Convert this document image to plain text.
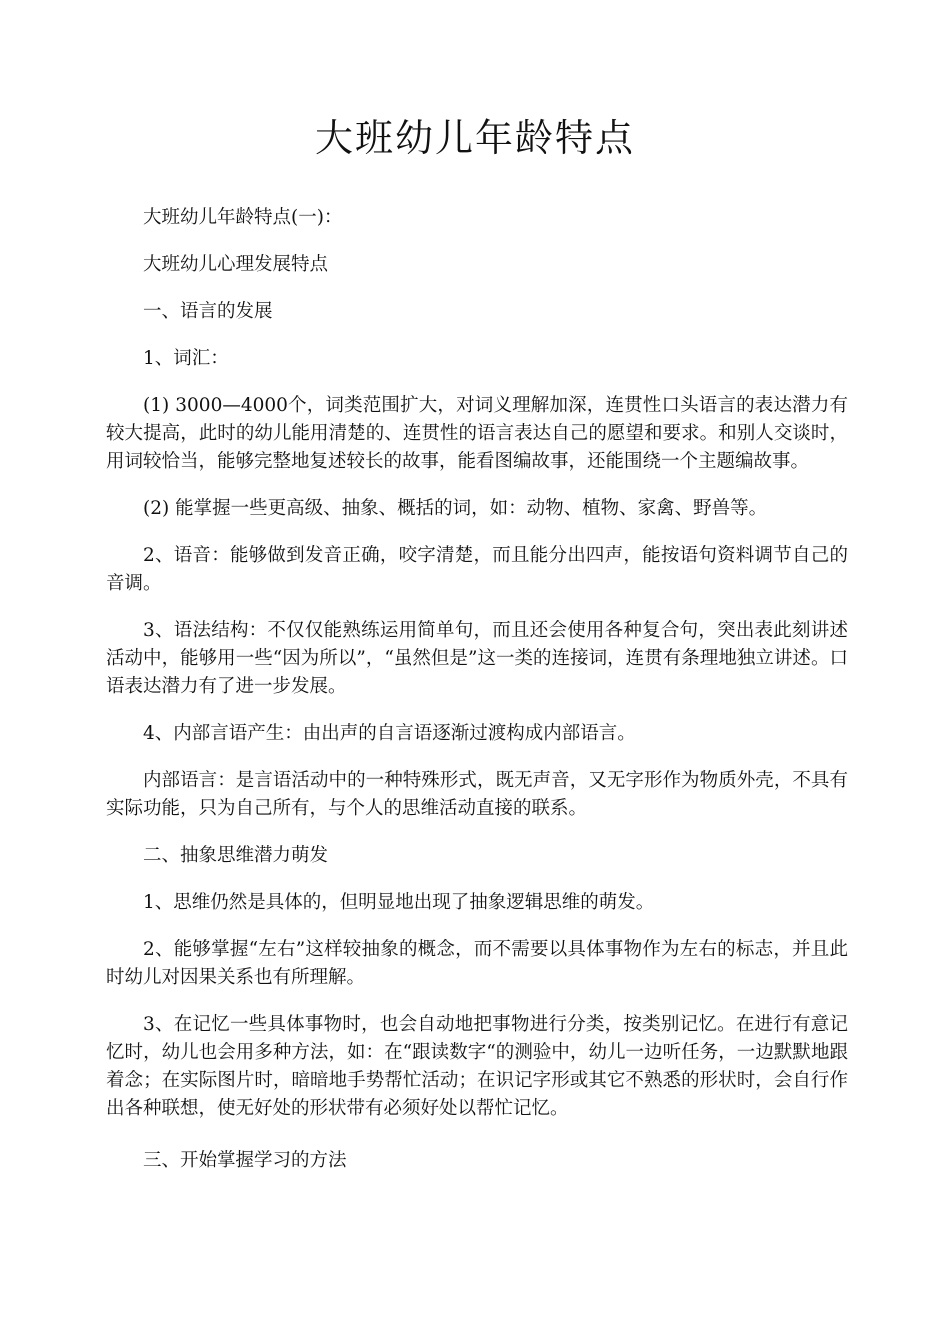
大班幼儿年龄特点

大班幼儿年龄特点(一)：

大班幼儿心理发展特点

一、语言的发展

1、词汇：

(1) 3000—4000个，词类范围扩大，对词义理解加深，连贯性口头语言的表达潜力有较大提高，此时的幼儿能用清楚的、连贯性的语言表达自己的愿望和要求。和别人交谈时，用词较恰当，能够完整地复述较长的故事，能看图编故事，还能围绕一个主题编故事。

(2) 能掌握一些更高级、抽象、概括的词，如：动物、植物、家禽、野兽等。

2、语音：能够做到发音正确，咬字清楚，而且能分出四声，能按语句资料调节自己的音调。

3、语法结构：不仅仅能熟练运用简单句，而且还会使用各种复合句，突出表此刻讲述活动中，能够用一些“因为所以”，“虽然但是”这一类的连接词，连贯有条理地独立讲述。口语表达潜力有了进一步发展。

4、内部言语产生：由出声的自言语逐渐过渡构成内部语言。

内部语言：是言语活动中的一种特殊形式，既无声音，又无字形作为物质外壳，不具有实际功能，只为自己所有，与个人的思维活动直接的联系。

二、抽象思维潜力萌发

1、思维仍然是具体的，但明显地出现了抽象逻辑思维的萌发。

2、能够掌握“左右”这样较抽象的概念，而不需要以具体事物作为左右的标志，并且此时幼儿对因果关系也有所理解。

3、在记忆一些具体事物时，也会自动地把事物进行分类，按类别记忆。在进行有意记忆时，幼儿也会用多种方法，如：在“跟读数字“的测验中，幼儿一边听任务，一边默默地跟着念；在实际图片时，暗暗地手势帮忙活动；在识记字形或其它不熟悉的形状时，会自行作出各种联想，使无好处的形状带有必须好处以帮忙记忆。

三、开始掌握学习的方法
